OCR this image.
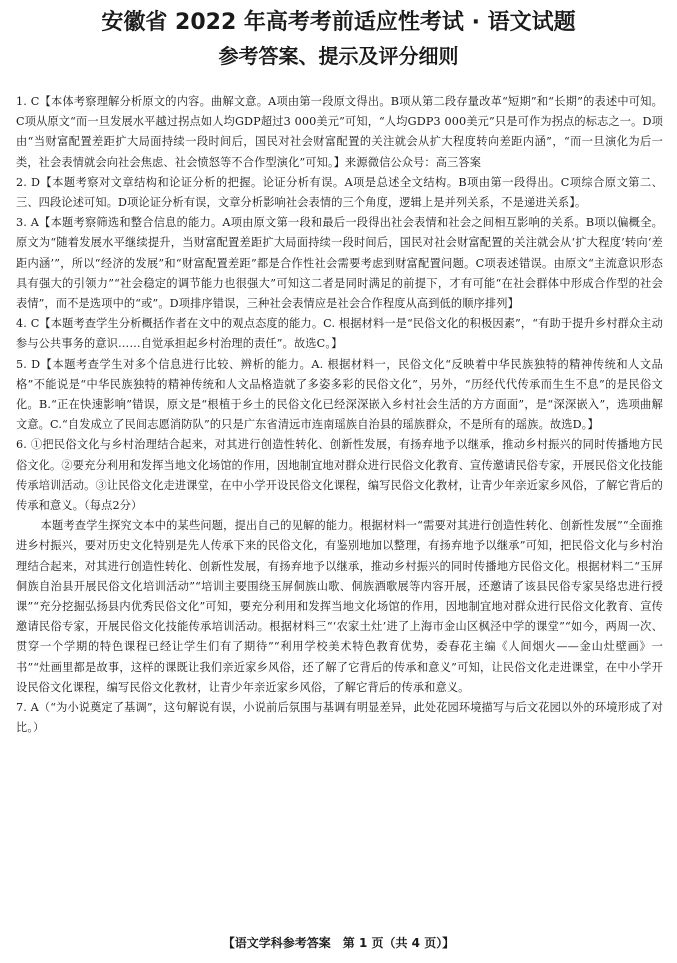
安徽省 2022 年高考考前适应性考试 · 语文试题
参考答案、提示及评分细则

1. C【本体考察理解分析原文的内容。曲解文意。A项由第一段原文得出。B项从第二段存量改革“短期”和“长期”的表述中可知。C项从原文“而一旦发展水平越过拐点如人均GDP超过3 000美元”可知，“人均GDP3 000美元”只是可作为拐点的标志之一。D项由“当财富配置差距扩大局面持续一段时间后，国民对社会财富配置的关注就会从扩大程度转向差距内涵”，“而一旦演化为后一类，社会表情就会向社会焦虑、社会愤怒等不合作型演化”可知。】来源微信公众号：高三答案

2. D【本题考察对文章结构和论证分析的把握。论证分析有误。A项是总述全文结构。B项由第一段得出。C项综合原文第二、三、四段论述可知。D项论证分析有误，文章分析影响社会表情的三个角度，逻辑上是并列关系，不是递进关系】。

3. A【本题考察筛选和整合信息的能力。A项由原文第一段和最后一段得出社会表情和社会之间相互影响的关系。B项以偏概全。原文为“随着发展水平继续提升，当财富配置差距扩大局面持续一段时间后，国民对社会财富配置的关注就会从‘扩大程度’转向‘差距内涵’”，所以“经济的发展”和“财富配置差距”都是合作性社会需要考虑到财富配置问题。C项表述错误。由原文“主流意识形态具有强大的引领力”“社会稳定的调节能力也很强大”可知这二者是同时满足的前提下，才有可能“在社会群体中形成合作型的社会表情”，而不是选项中的“或”。D项排序错误，三种社会表情应是社会合作程度从高到低的顺序排列】

4. C【本题考查学生分析概括作者在文中的观点态度的能力。C. 根据材料一是“民俗文化的积极因素”，“有助于提升乡村群众主动参与公共事务的意识……自觉承担起乡村治理的责任”。故选C。】

5. D【本题考查学生对多个信息进行比较、辨析的能力。A. 根据材料一，民俗文化“反映着中华民族独特的精神传统和人文品格”不能说是“中华民族独特的精神传统和人文品格造就了多姿多彩的民俗文化”，另外，“历经代代传承而生生不息”的是民俗文化。B.“正在快速影响”错误，原文是“根植于乡土的民俗文化已经深深嵌入乡村社会生活的方方面面”，是“深深嵌入”，选项曲解文意。C.“自发成立了民间志愿消防队”的只是广东省清远市连南瑶族自治县的瑶族群众，不是所有的瑶族。故选D。】

6. ①把民俗文化与乡村治理结合起来，对其进行创造性转化、创新性发展，有扬弃地予以继承，推动乡村振兴的同时传播地方民俗文化。②要充分利用和发挥当地文化场馆的作用，因地制宜地对群众进行民俗文化教育、宣传邀请民俗专家，开展民俗文化技能传承培训活动。③让民俗文化走进课堂，在中小学开设民俗文化课程，编写民俗文化教材，让青少年亲近家乡风俗，了解它背后的传承和意义。（每点2分）

本题考查学生探究文本中的某些问题，提出自己的见解的能力。根据材料一“需要对其进行创造性转化、创新性发展”“全面推进乡村振兴，要对历史文化特别是先人传承下来的民俗文化，有鉴别地加以整理，有扬弃地予以继承”可知，把民俗文化与乡村治理结合起来，对其进行创造性转化、创新性发展，有扬弃地予以继承，推动乡村振兴的同时传播地方民俗文化。根据材料二“玉屏侗族自治县开展民俗文化培训活动”“培训主要围绕玉屏侗族山歌、侗族酒歌展等内容开展，还邀请了该县民俗专家吴络忠进行授课”“充分挖掘弘扬县内优秀民俗文化”可知，要充分利用和发挥当地文化场馆的作用，因地制宜地对群众进行民俗文化教育、宣传邀请民俗专家，开展民俗文化技能传承培训活动。根据材料三“‘农家土灶’进了上海市金山区枫泾中学的课堂”“如今，两周一次、贯穿一个学期的特色课程已经让学生们有了期待”“利用学校美术特色教育优势，委春花主编《人间烟火——金山灶壁画》一书”“灶画里都是故事，这样的课既让我们亲近家乡风俗，还了解了它背后的传承和意义”可知，让民俗文化走进课堂，在中小学开设民俗文化课程，编写民俗文化教材，让青少年亲近家乡风俗，了解它背后的传承和意义。

7. A（“为小说奠定了基调”，这句解说有误，小说前后氛围与基调有明显差异，此处花园环境描写与后文花园以外的环境形成了对比。）

【语文学科参考答案　第 1 页（共 4 页）】
